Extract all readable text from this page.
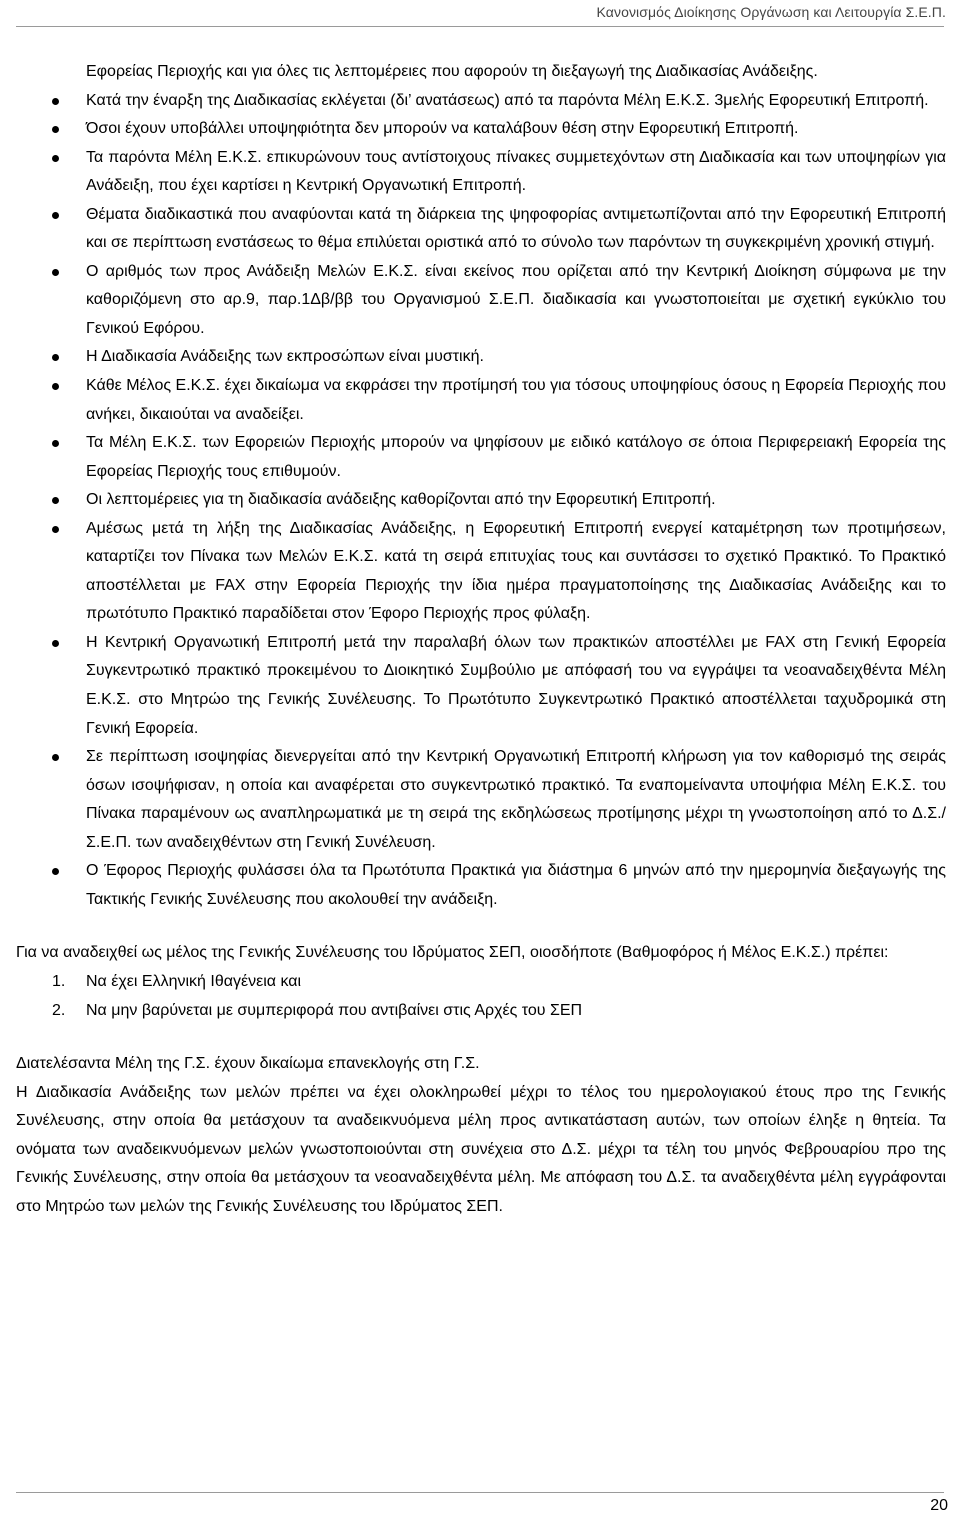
Κανονισμός Διοίκησης Οργάνωση και Λειτουργία Σ.Ε.Π.
Εφορείας Περιοχής και για όλες τις λεπτομέρειες που αφορούν τη διεξαγωγή της Διαδικασίας Ανάδειξης.
Κατά την έναρξη της Διαδικασίας εκλέγεται (δι’ ανατάσεως) από τα παρόντα Μέλη Ε.Κ.Σ. 3μελής Εφορευτική Επιτροπή.
Όσοι έχουν υποβάλλει υποψηφιότητα δεν μπορούν να καταλάβουν θέση στην Εφορευτική Επιτροπή.
Τα παρόντα Μέλη Ε.Κ.Σ. επικυρώνουν τους αντίστοιχους πίνακες συμμετεχόντων στη Διαδικασία και των υποψηφίων για Ανάδειξη, που έχει καρτίσει η Κεντρική Οργανωτική Επιτροπή.
Θέματα διαδικαστικά που αναφύονται κατά τη διάρκεια της ψηφοφορίας αντιμετωπίζονται από την Εφορευτική Επιτροπή και σε περίπτωση ενστάσεως το θέμα επιλύεται οριστικά από το σύνολο των παρόντων τη συγκεκριμένη χρονική στιγμή.
Ο αριθμός των προς Ανάδειξη Μελών Ε.Κ.Σ. είναι εκείνος που ορίζεται από την Κεντρική Διοίκηση σύμφωνα με την καθοριζόμενη στο αρ.9, παρ.1Δβ/ββ του Οργανισμού Σ.Ε.Π. διαδικασία και γνωστοποιείται με σχετική εγκύκλιο του Γενικού Εφόρου.
Η Διαδικασία Ανάδειξης των εκπροσώπων είναι μυστική.
Κάθε Μέλος Ε.Κ.Σ. έχει δικαίωμα να εκφράσει την προτίμησή του για τόσους υποψηφίους όσους η Εφορεία Περιοχής που ανήκει, δικαιούται να αναδείξει.
Τα Μέλη Ε.Κ.Σ. των Εφορειών Περιοχής μπορούν να ψηφίσουν με ειδικό κατάλογο σε όποια Περιφερειακή Εφορεία της Εφορείας Περιοχής τους επιθυμούν.
Οι λεπτομέρειες για τη διαδικασία ανάδειξης καθορίζονται από την Εφορευτική Επιτροπή.
Αμέσως μετά τη λήξη της Διαδικασίας Ανάδειξης, η Εφορευτική Επιτροπή ενεργεί καταμέτρηση των προτιμήσεων, καταρτίζει τον Πίνακα των Μελών Ε.Κ.Σ. κατά τη σειρά επιτυχίας τους και συντάσσει το σχετικό Πρακτικό. Το Πρακτικό αποστέλλεται με FAX στην Εφορεία Περιοχής την ίδια ημέρα πραγματοποίησης της Διαδικασίας Ανάδειξης και το πρωτότυπο Πρακτικό παραδίδεται στον Έφορο Περιοχής προς φύλαξη.
Η Κεντρική Οργανωτική Επιτροπή μετά την παραλαβή όλων των πρακτικών αποστέλλει με FAX στη Γενική Εφορεία Συγκεντρωτικό πρακτικό προκειμένου το Διοικητικό Συμβούλιο με απόφασή του να εγγράψει τα νεοαναδειχθέντα Μέλη Ε.Κ.Σ. στο Μητρώο της Γενικής Συνέλευσης. Το Πρωτότυπο Συγκεντρωτικό Πρακτικό αποστέλλεται ταχυδρομικά στη Γενική Εφορεία.
Σε περίπτωση ισοψηφίας διενεργείται από την Κεντρική Οργανωτική Επιτροπή κλήρωση για τον καθορισμό της σειράς όσων ισοψήφισαν, η οποία και αναφέρεται στο συγκεντρωτικό πρακτικό. Τα εναπομείναντα υποψήφια Μέλη Ε.Κ.Σ. του Πίνακα παραμένουν ως αναπληρωματικά με τη σειρά της εκδηλώσεως προτίμησης μέχρι τη γνωστοποίηση από το Δ.Σ./Σ.Ε.Π. των αναδειχθέντων στη Γενική Συνέλευση.
Ο Έφορος Περιοχής φυλάσσει όλα τα Πρωτότυπα Πρακτικά για διάστημα 6 μηνών από την ημερομηνία διεξαγωγής της Τακτικής Γενικής Συνέλευσης που ακολουθεί την ανάδειξη.

Για να αναδειχθεί ως μέλος της Γενικής Συνέλευσης του Ιδρύματος ΣΕΠ, οιοσδήποτε (Βαθμοφόρος ή Μέλος Ε.Κ.Σ.) πρέπει:

1. Να έχει Ελληνική Ιθαγένεια και
2. Να μην βαρύνεται με συμπεριφορά που αντιβαίνει στις Αρχές του ΣΕΠ

Διατελέσαντα Μέλη της Γ.Σ. έχουν δικαίωμα επανεκλογής στη Γ.Σ.

Η Διαδικασία Ανάδειξης των μελών πρέπει να έχει ολοκληρωθεί μέχρι το τέλος του ημερολογιακού έτους προ της Γενικής Συνέλευσης, στην οποία θα μετάσχουν τα αναδεικνυόμενα μέλη προς αντικατάσταση αυτών, των οποίων έληξε η θητεία. Τα ονόματα των αναδεικνυόμενων μελών γνωστοποιούνται στη συνέχεια στο Δ.Σ. μέχρι τα τέλη του μηνός Φεβρουαρίου προ της Γενικής Συνέλευσης, στην οποία θα μετάσχουν τα νεοαναδειχθέντα μέλη. Με απόφαση του Δ.Σ. τα αναδειχθέντα μέλη εγγράφονται στο Μητρώο των μελών της Γενικής Συνέλευσης του Ιδρύματος ΣΕΠ.

20
